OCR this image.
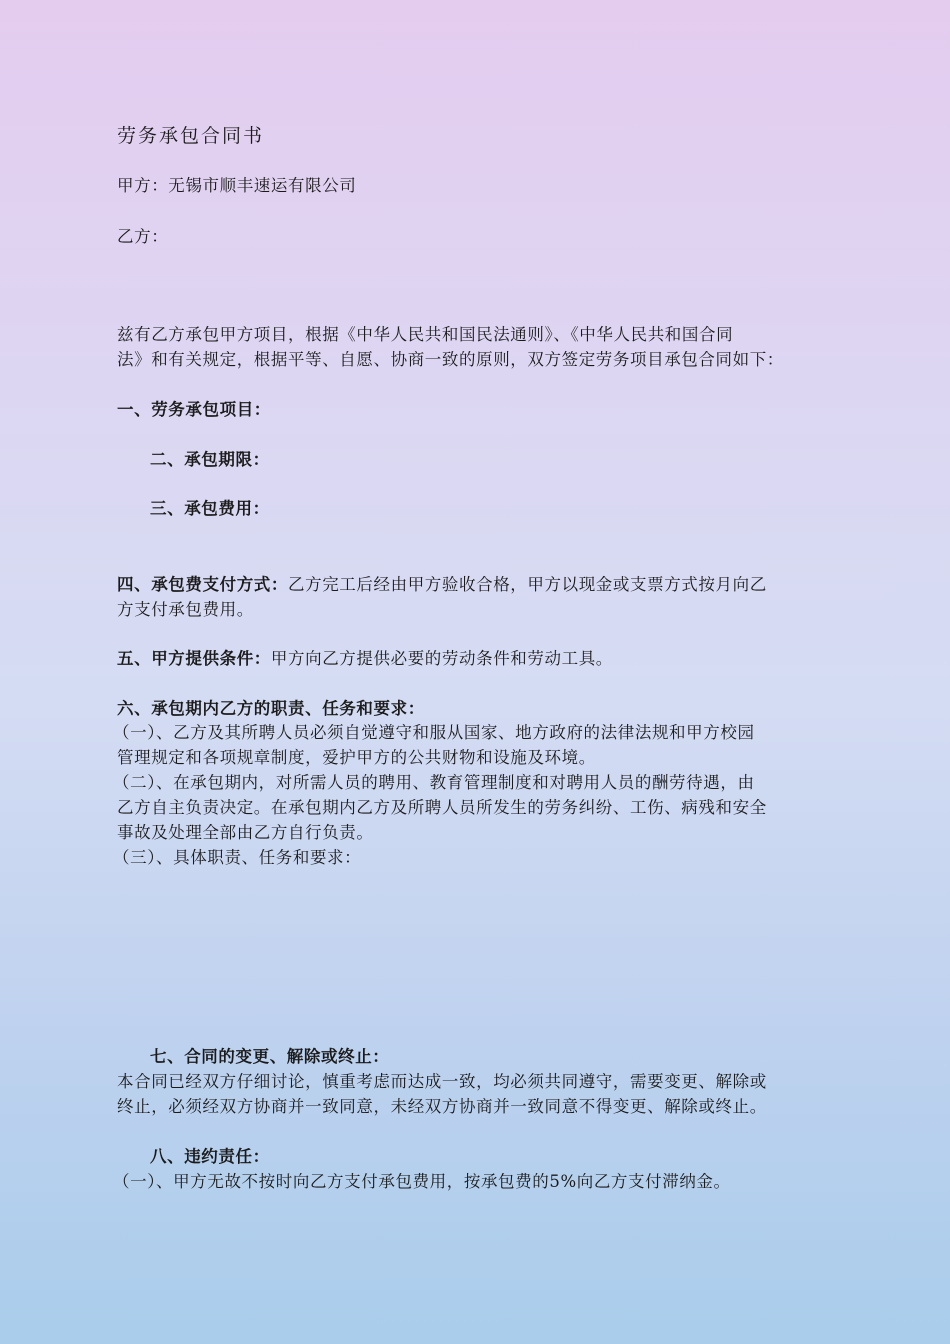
劳务承包合同书
甲方：无锡市顺丰速运有限公司
乙方：
兹有乙方承包甲方项目，根据《中华人民共和国民法通则》、《中华人民共和国合同
法》和有关规定，根据平等、自愿、协商一致的原则，双方签定劳务项目承包合同如下：
一、劳务承包项目：
二、承包期限：
三、承包费用：
四、承包费支付方式：乙方完工后经由甲方验收合格，甲方以现金或支票方式按月向乙
方支付承包费用。
五、甲方提供条件：甲方向乙方提供必要的劳动条件和劳动工具。
六、承包期内乙方的职责、任务和要求：
（一）、乙方及其所聘人员必须自觉遵守和服从国家、地方政府的法律法规和甲方校园
管理规定和各项规章制度，爱护甲方的公共财物和设施及环境。
（二）、在承包期内，对所需人员的聘用、教育管理制度和对聘用人员的酬劳待遇，由
乙方自主负责决定。在承包期内乙方及所聘人员所发生的劳务纠纷、工伤、病残和安全
事故及处理全部由乙方自行负责。
（三）、具体职责、任务和要求：
七、合同的变更、解除或终止：
本合同已经双方仔细讨论，慎重考虑而达成一致，均必须共同遵守，需要变更、解除或
终止，必须经双方协商并一致同意，未经双方协商并一致同意不得变更、解除或终止。
八、违约责任：
（一）、甲方无故不按时向乙方支付承包费用，按承包费的5%向乙方支付滞纳金。
